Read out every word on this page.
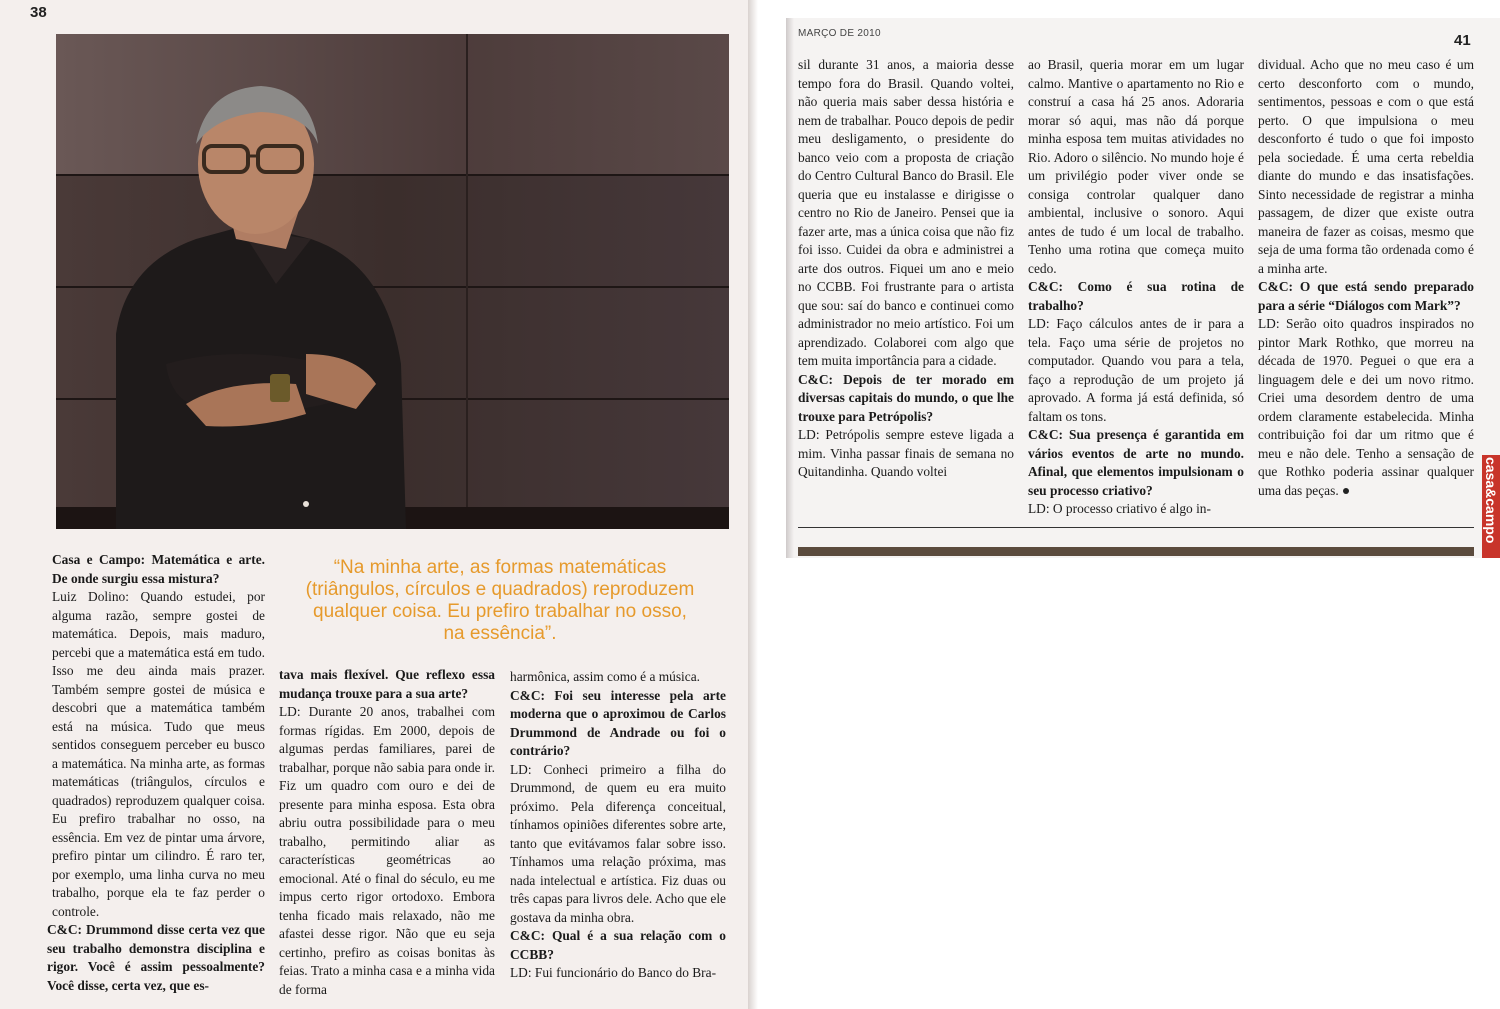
38
MARÇO DE 2010	41

Casa e Campo: Matemática e arte. De onde surgiu essa mistura?

Luiz Dolino: Quando estudei, por alguma razão, sempre gostei de matemática. Depois, mais maduro, percebi que a matemática está em tudo. Isso me deu ainda mais prazer. Também sempre gostei de música e descobri que a matemática também está na música. Tudo que meus sentidos conseguem perceber eu busco a matemática. Na minha arte, as formas matemáticas (triângulos, círculos e quadrados) reproduzem qualquer coisa. Eu prefiro trabalhar no osso, na essência. Em vez de pintar uma árvore, prefiro pintar um cilindro. É raro ter, por exemplo, uma linha curva no meu trabalho, porque ela te faz perder o controle.

C&C: Drummond disse certa vez que seu trabalho demonstra disciplina e rigor. Você é assim pessoalmente? Você disse, certa vez, que es-

“Na minha arte, as formas matemáticas (triângulos, círculos e quadrados) reproduzem qualquer coisa. Eu prefiro trabalhar no osso, na essência”.

tava mais flexível. Que reflexo essa mudança trouxe para a sua arte?

LD: Durante 20 anos, trabalhei com formas rígidas. Em 2000, depois de algumas perdas familiares, parei de trabalhar, porque não sabia para onde ir. Fiz um quadro com ouro e dei de presente para minha esposa. Esta obra abriu outra possibilidade para o meu trabalho, permitindo aliar as características geométricas ao emocional. Até o final do século, eu me impus certo rigor ortodoxo. Embora tenha ficado mais relaxado, não me afastei desse rigor. Não que eu seja certinho, prefiro as coisas bonitas às feias. Trato a minha casa e a minha vida de forma

harmônica, assim como é a música.

C&C: Foi seu interesse pela arte moderna que o aproximou de Carlos Drummond de Andrade ou foi o contrário?

LD: Conheci primeiro a filha do Drummond, de quem eu era muito próximo. Pela diferença conceitual, tínhamos opiniões diferentes sobre arte, tanto que evitávamos falar sobre isso. Tínhamos uma relação próxima, mas nada intelectual e artística. Fiz duas ou três capas para livros dele. Acho que ele gostava da minha obra.

C&C: Qual é a sua relação com o CCBB?

LD: Fui funcionário do Banco do Bra-

sil durante 31 anos, a maioria desse tempo fora do Brasil. Quando voltei, não queria mais saber dessa história e nem de trabalhar. Pouco depois de pedir meu desligamento, o presidente do banco veio com a proposta de criação do Centro Cultural Banco do Brasil. Ele queria que eu instalasse e dirigisse o centro no Rio de Janeiro. Pensei que ia fazer arte, mas a única coisa que não fiz foi isso. Cuidei da obra e administrei a arte dos outros. Fiquei um ano e meio no CCBB. Foi frustrante para o artista que sou: saí do banco e continuei como administrador no meio artístico. Foi um aprendizado. Colaborei com algo que tem muita importância para a cidade.

C&C: Depois de ter morado em diversas capitais do mundo, o que lhe trouxe para Petrópolis?

LD: Petrópolis sempre esteve ligada a mim. Vinha passar finais de semana no Quitandinha. Quando voltei

ao Brasil, queria morar em um lugar calmo. Mantive o apartamento no Rio e construí a casa há 25 anos. Adoraria morar só aqui, mas não dá porque minha esposa tem muitas atividades no Rio. Adoro o silêncio. No mundo hoje é um privilégio poder viver onde se consiga controlar qualquer dano ambiental, inclusive o sonoro. Aqui antes de tudo é um local de trabalho. Tenho uma rotina que começa muito cedo.

C&C: Como é sua rotina de trabalho?

LD: Faço cálculos antes de ir para a tela. Faço uma série de projetos no computador. Quando vou para a tela, faço a reprodução de um projeto já aprovado. A forma já está definida, só faltam os tons.

C&C: Sua presença é garantida em vários eventos de arte no mundo. Afinal, que elementos impulsionam o seu processo criativo?

LD: O processo criativo é algo in-

dividual. Acho que no meu caso é um certo desconforto com o mundo, sentimentos, pessoas e com o que está perto. O que impulsiona o meu desconforto é tudo o que foi imposto pela sociedade. É uma certa rebeldia diante do mundo e das insatisfações. Sinto necessidade de registrar a minha passagem, de dizer que existe outra maneira de fazer as coisas, mesmo que seja de uma forma tão ordenada como é a minha arte.

C&C: O que está sendo preparado para a série “Diálogos com Mark”?

LD: Serão oito quadros inspirados no pintor Mark Rothko, que morreu na década de 1970. Peguei o que era a linguagem dele e dei um novo ritmo. Criei uma desordem dentro de uma ordem claramente estabelecida. Minha contribuição foi dar um ritmo que é meu e não dele. Tenho a sensação de que Rothko poderia assinar qualquer uma das peças.	casa&campo
